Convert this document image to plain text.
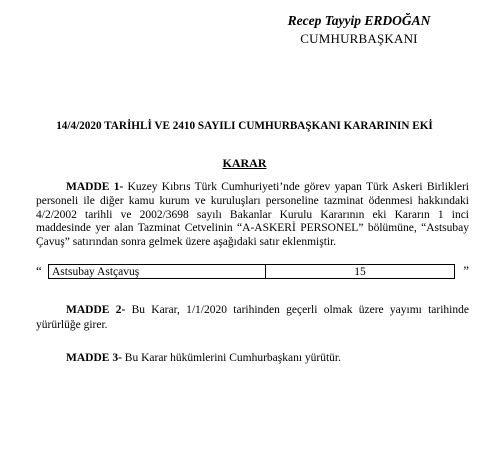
Recep Tayyip ERDOĞAN
CUMHURBAŞKANI
14/4/2020 TARİHLİ VE 2410 SAYILI CUMHURBAŞKANI KARARININ EKİ
KARAR
MADDE 1- Kuzey Kıbrıs Türk Cumhuriyeti’nde görev yapan Türk Askeri Birlikleri personeli ile diğer kamu kurum ve kuruluşları personeline tazminat ödenmesi hakkındaki 4/2/2002 tarihli ve 2002/3698 sayılı Bakanlar Kurulu Kararının eki Kararın 1 inci maddesinde yer alan Tazminat Cetvelinin “A-ASKERİ PERSONEL” bölümüne, “Astsubay Çavuş” satırından sonra gelmek üzere aşağıdaki satır eklenmiştir.
“ Astsubay Astçavuş	15	”
MADDE 2- Bu Karar, 1/1/2020 tarihinden geçerli olmak üzere yayımı tarihinde yürürlüğe girer.
MADDE 3- Bu Karar hükümlerini Cumhurbaşkanı yürütür.
